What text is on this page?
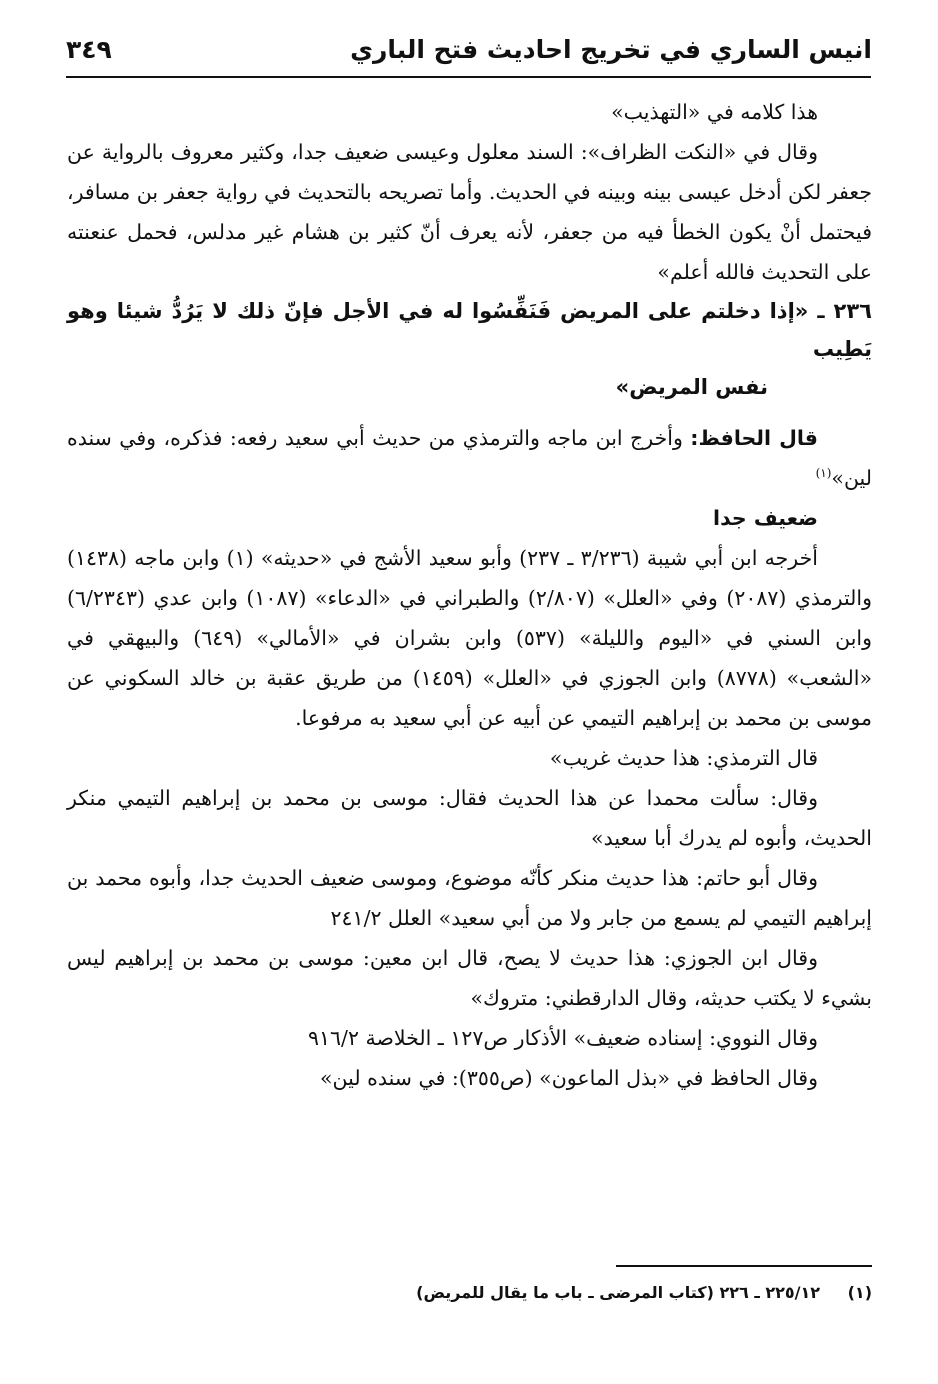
انيس الساري في تخريج احاديث فتح الباري
٣٤٩

هذا كلامه في «التهذيب»

وقال في «النكت الظراف»: السند معلول وعيسى ضعيف جدا، وكثير معروف بالرواية عن جعفر لكن أدخل عيسى بينه وبينه في الحديث. وأما تصريحه بالتحديث في رواية جعفر بن مسافر، فيحتمل أنْ يكون الخطأ فيه من جعفر، لأنه يعرف أنّ كثير بن هشام غير مدلس، فحمل عنعنته على التحديث فالله أعلم»

٢٣٦ ـ «إذا دخلتم على المريض فَنَفِّسُوا له في الأجل فإنّ ذلك لا يَرُدُّ شيئا وهو يَطِيب

نفس المريض»

قال الحافظ: وأخرج ابن ماجه والترمذي من حديث أبي سعيد رفعه: فذكره، وفي سنده لين»$^{(١)}$

ضعيف جدا

أخرجه ابن أبي شيبة (٣/٢٣٦ ـ ٢٣٧) وأبو سعيد الأشج في «حديثه» (١) وابن ماجه (١٤٣٨) والترمذي (٢٠٨٧) وفي «العلل» (٢/٨٠٧) والطبراني في «الدعاء» (١٠٨٧) وابن عدي (٦/٢٣٤٣) وابن السني في «اليوم والليلة» (٥٣٧) وابن بشران في «الأمالي» (٦٤٩) والبيهقي في «الشعب» (٨٧٧٨) وابن الجوزي في «العلل» (١٤٥٩) من طريق عقبة بن خالد السكوني عن موسى بن محمد بن إبراهيم التيمي عن أبيه عن أبي سعيد به مرفوعا.

قال الترمذي: هذا حديث غريب»

وقال: سألت محمدا عن هذا الحديث فقال: موسى بن محمد بن إبراهيم التيمي منكر الحديث، وأبوه لم يدرك أبا سعيد»

وقال أبو حاتم: هذا حديث منكر كأنّه موضوع، وموسى ضعيف الحديث جدا، وأبوه محمد بن إبراهيم التيمي لم يسمع من جابر ولا من أبي سعيد» العلل ٢٤١/٢

وقال ابن الجوزي: هذا حديث لا يصح، قال ابن معين: موسى بن محمد بن إبراهيم ليس بشيء لا يكتب حديثه، وقال الدارقطني: متروك»

وقال النووي: إسناده ضعيف» الأذكار ص١٢٧ ـ الخلاصة ٩١٦/٢

وقال الحافظ في «بذل الماعون» (ص٣٥٥): في سنده لين»

(١) ٢٢٥/١٢ ـ ٢٢٦ (كتاب المرضى ـ باب ما يقال للمريض)
